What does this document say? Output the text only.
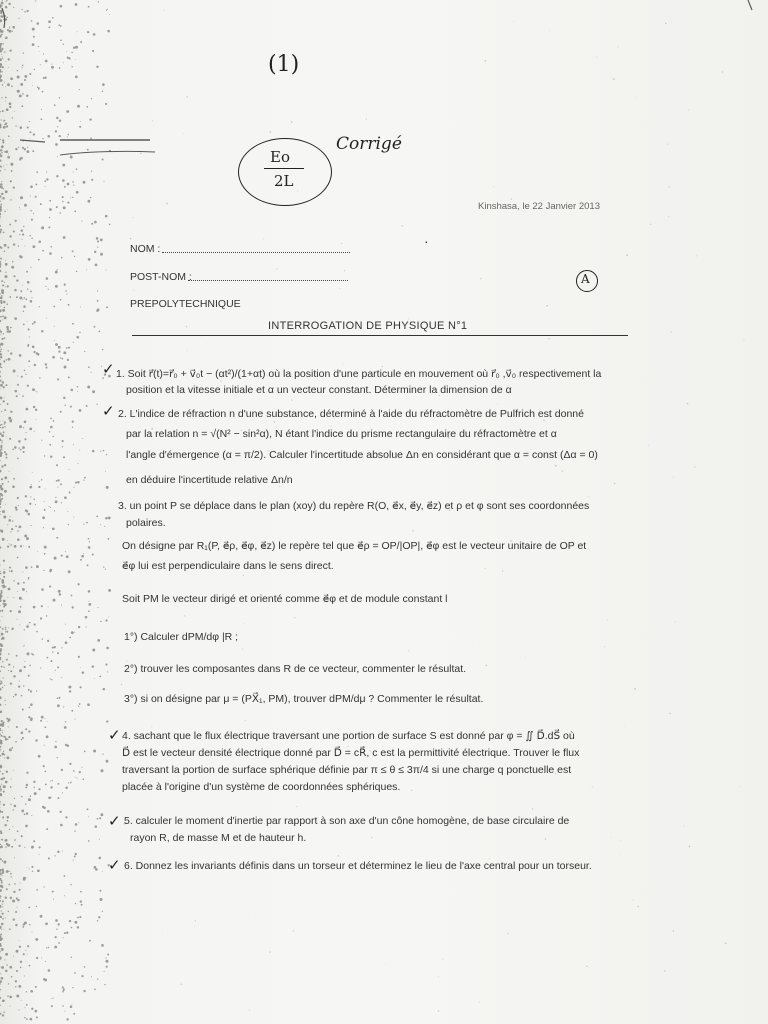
(1)
Eo
2L
Corrigé
A
Kinshasa, le 22 Janvier 2013
NOM :
POST-NOM :
PREPOLYTECHNIQUE
INTERROGATION DE PHYSIQUE N°1
✓ 1. Soit r⃗(t)=r⃗₀ + v⃗₀t − (αt²)/(1+αt) où la position d'une particule en mouvement où r⃗₀ ,v⃗₀ respectivement la
position et la vitesse initiale et α un vecteur constant. Déterminer la dimension de α
✓ 2. L'indice de réfraction n d'une substance, déterminé à l'aide du réfractomètre de Pulfrich est donné
par la relation n = √(N² − sin²α), N étant l'indice du prisme rectangulaire du réfractomètre et α
l'angle d'émergence (α = π/2). Calculer l'incertitude absolue Δn en considérant que α = const (Δα = 0)
en déduire l'incertitude relative Δn/n
3. un point P se déplace dans le plan (xoy) du repère R(O, e⃗x, e⃗y, e⃗z) et ρ et φ sont ses coordonnées
polaires.
On désigne par R₁(P, e⃗ρ, e⃗φ, e⃗z) le repère tel que e⃗ρ = OP/|OP|, e⃗φ est le vecteur unitaire de OP et
e⃗φ lui est perpendiculaire dans le sens direct.
Soit PM le vecteur dirigé et orienté comme e⃗φ et de module constant l
1°) Calculer dPM/dφ |R ;
2°) trouver les composantes dans R de ce vecteur, commenter le résultat.
3°) si on désigne par μ = (PX⃗₁, PM), trouver dPM/dμ ? Commenter le résultat.
✓ 4. sachant que le flux électrique traversant une portion de surface S est donné par φ = ∬ D⃗.dS⃗ où
D⃗ est le vecteur densité électrique donné par D⃗ = cR⃗, c est la permittivité électrique. Trouver le flux
traversant la portion de surface sphérique définie par π ≤ θ ≤ 3π/4 si une charge q ponctuelle est
placée à l'origine d'un système de coordonnées sphériques.
✓ 5. calculer le moment d'inertie par rapport à son axe d'un cône homogène, de base circulaire de
rayon R, de masse M et de hauteur h.
✓ 6. Donnez les invariants définis dans un torseur et déterminez le lieu de l'axe central pour un torseur.
·
